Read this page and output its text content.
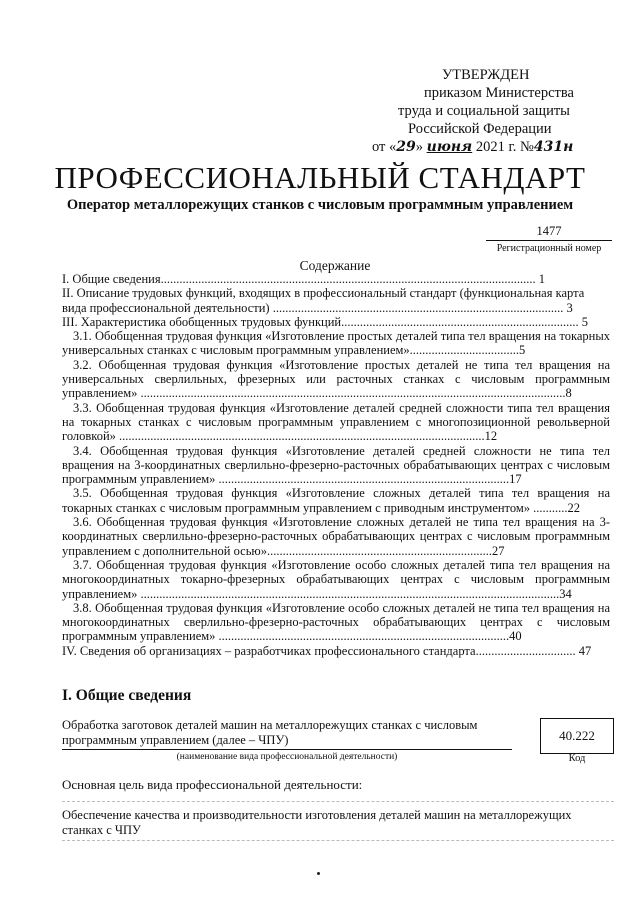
УТВЕРЖДЕН
приказом Министерства
труда и социальной защиты
Российской Федерации
от «29» июня 2021 г. №431н
ПРОФЕССИОНАЛЬНЫЙ СТАНДАРТ
Оператор металлорежущих станков с числовым программным управлением
1477
Регистрационный номер
Содержание

I. Общие сведения........................................................................................................................ 1

II. Описание трудовых функций, входящих в профессиональный стандарт (функциональная карта вида профессиональной деятельности) ............................................................................................. 3

III. Характеристика обобщенных трудовых функций............................................................................ 5

3.1. Обобщенная трудовая функция «Изготовление простых деталей типа тел вращения на токарных универсальных станках с числовым программным управлением»...................................5

3.2. Обобщенная трудовая функция «Изготовление простых деталей не типа тел вращения на универсальных сверлильных, фрезерных или расточных станках с числовым программным управлением» ........................................................................................................................................8

3.3. Обобщенная трудовая функция «Изготовление деталей средней сложности типа тел вращения на токарных станках с числовым программным управлением с многопозиционной револьверной головкой» .....................................................................................................................12

3.4. Обобщенная трудовая функция «Изготовление деталей средней сложности не типа тел вращения на 3-координатных сверлильно-фрезерно-расточных обрабатывающих центрах с числовым программным управлением» .............................................................................................17

3.5. Обобщенная трудовая функция «Изготовление сложных деталей типа тел вращения на токарных станках с числовым программным управлением с приводным инструментом» ...........22

3.6. Обобщенная трудовая функция «Изготовление сложных деталей не типа тел вращения на 3-координатных сверлильно-фрезерно-расточных обрабатывающих центрах с числовым программным управлением с дополнительной осью»........................................................................27

3.7. Обобщенная трудовая функция «Изготовление особо сложных деталей типа тел вращения на многокоординатных токарно-фрезерных обрабатывающих центрах с числовым программным управлением» ......................................................................................................................................34

3.8. Обобщенная трудовая функция «Изготовление особо сложных деталей не типа тел вращения на многокоординатных сверлильно-фрезерно-расточных обрабатывающих центрах с числовым программным управлением» .............................................................................................40

IV. Сведения об организациях – разработчиках профессионального стандарта................................ 47

I. Общие сведения
Обработка заготовок деталей машин на металлорежущих станках с числовым программным управлением (далее – ЧПУ)
(наименование вида профессиональной деятельности)
40.222
Код
Основная цель вида профессиональной деятельности:
Обеспечение качества и производительности изготовления деталей машин на металлорежущих станках с ЧПУ
